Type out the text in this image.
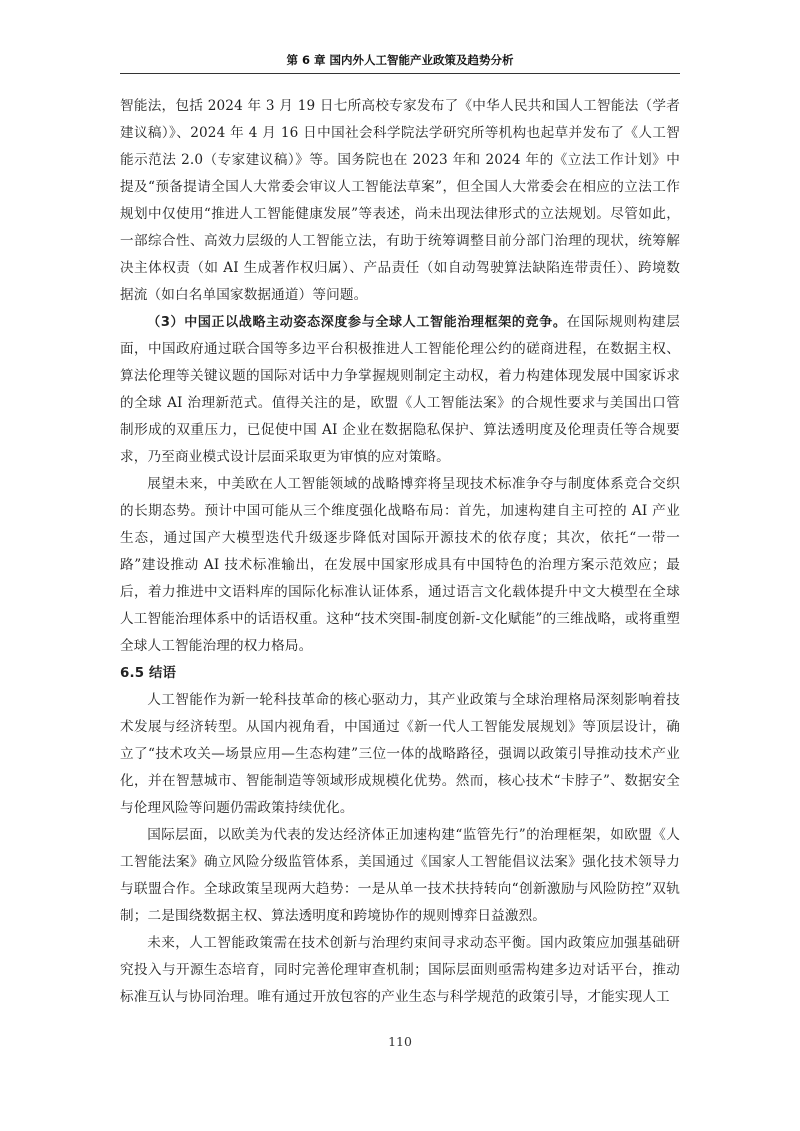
第 6 章 国内外人工智能产业政策及趋势分析

智能法，包括 2024 年 3 月 19 日七所高校专家发布了《中华人民共和国人工智能法（学者建议稿）》、2024 年 4 月 16 日中国社会科学院法学研究所等机构也起草并发布了《人工智能示范法 2.0（专家建议稿）》等。国务院也在 2023 年和 2024 年的《立法工作计划》中提及“预备提请全国人大常委会审议人工智能法草案”，但全国人大常委会在相应的立法工作规划中仅使用“推进人工智能健康发展”等表述，尚未出现法律形式的立法规划。尽管如此，一部综合性、高效力层级的人工智能立法，有助于统筹调整目前分部门治理的现状，统筹解决主体权责（如 AI 生成著作权归属）、产品责任（如自动驾驶算法缺陷连带责任）、跨境数据流（如白名单国家数据通道）等问题。

（3）中国正以战略主动姿态深度参与全球人工智能治理框架的竞争。在国际规则构建层面，中国政府通过联合国等多边平台积极推进人工智能伦理公约的磋商进程，在数据主权、算法伦理等关键议题的国际对话中力争掌握规则制定主动权，着力构建体现发展中国家诉求的全球 AI 治理新范式。值得关注的是，欧盟《人工智能法案》的合规性要求与美国出口管制形成的双重压力，已促使中国 AI 企业在数据隐私保护、算法透明度及伦理责任等合规要求，乃至商业模式设计层面采取更为审慎的应对策略。

展望未来，中美欧在人工智能领域的战略博弈将呈现技术标准争夺与制度体系竞合交织的长期态势。预计中国可能从三个维度强化战略布局：首先，加速构建自主可控的 AI 产业生态，通过国产大模型迭代升级逐步降低对国际开源技术的依存度；其次，依托“一带一路”建设推动 AI 技术标准输出，在发展中国家形成具有中国特色的治理方案示范效应；最后，着力推进中文语料库的国际化标准认证体系，通过语言文化载体提升中文大模型在全球人工智能治理体系中的话语权重。这种“技术突围-制度创新-文化赋能”的三维战略，或将重塑全球人工智能治理的权力格局。

6.5 结语

人工智能作为新一轮科技革命的核心驱动力，其产业政策与全球治理格局深刻影响着技术发展与经济转型。从国内视角看，中国通过《新一代人工智能发展规划》等顶层设计，确立了“技术攻关—场景应用—生态构建”三位一体的战略路径，强调以政策引导推动技术产业化，并在智慧城市、智能制造等领域形成规模化优势。然而，核心技术“卡脖子”、数据安全与伦理风险等问题仍需政策持续优化。

国际层面，以欧美为代表的发达经济体正加速构建“监管先行”的治理框架，如欧盟《人工智能法案》确立风险分级监管体系，美国通过《国家人工智能倡议法案》强化技术领导力与联盟合作。全球政策呈现两大趋势：一是从单一技术扶持转向“创新激励与风险防控”双轨制；二是围绕数据主权、算法透明度和跨境协作的规则博弈日益激烈。

未来，人工智能政策需在技术创新与治理约束间寻求动态平衡。国内政策应加强基础研究投入与开源生态培育，同时完善伦理审查机制；国际层面则亟需构建多边对话平台，推动标准互认与协同治理。唯有通过开放包容的产业生态与科学规范的政策引导，才能实现人工

110
